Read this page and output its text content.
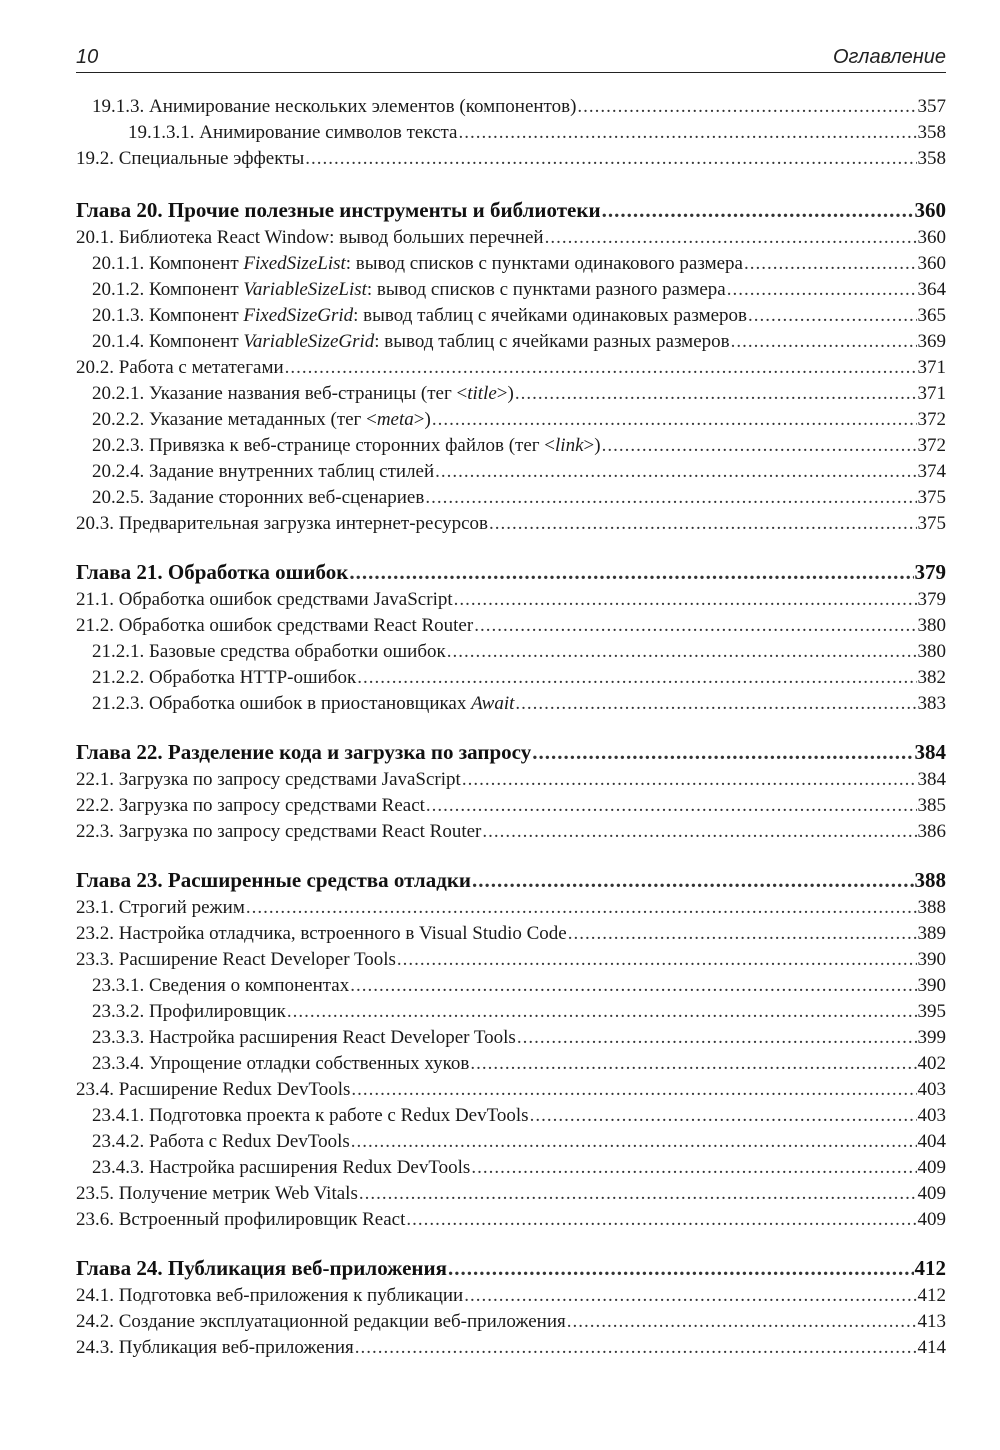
10	Оглавление
19.1.3. Анимирование нескольких элементов (компонентов) .....	357
19.1.3.1. Анимирование символов текста .....	358
19.2. Специальные эффекты .....	358
Глава 20. Прочие полезные инструменты и библиотеки .....	360
20.1. Библиотека React Window: вывод больших перечней .....	360
20.1.1. Компонент FixedSizeList: вывод списков с пунктами одинакового размера .....	360
20.1.2. Компонент VariableSizeList: вывод списков с пунктами разного размера .....	364
20.1.3. Компонент FixedSizeGrid: вывод таблиц с ячейками одинаковых размеров .....	365
20.1.4. Компонент VariableSizeGrid: вывод таблиц с ячейками разных размеров .....	369
20.2. Работа с метатегами .....	371
20.2.1. Указание названия веб-страницы (тег <title>) .....	371
20.2.2. Указание метаданных (тег <meta>) .....	372
20.2.3. Привязка к веб-странице сторонних файлов (тег <link>) .....	372
20.2.4. Задание внутренних таблиц стилей .....	374
20.2.5. Задание сторонних веб-сценариев .....	375
20.3. Предварительная загрузка интернет-ресурсов .....	375
Глава 21. Обработка ошибок .....	379
21.1. Обработка ошибок средствами JavaScript .....	379
21.2. Обработка ошибок средствами React Router .....	380
21.2.1. Базовые средства обработки ошибок .....	380
21.2.2. Обработка HTTP-ошибок .....	382
21.2.3. Обработка ошибок в приостановщиках Await .....	383
Глава 22. Разделение кода и загрузка по запросу .....	384
22.1. Загрузка по запросу средствами JavaScript .....	384
22.2. Загрузка по запросу средствами React .....	385
22.3. Загрузка по запросу средствами React Router .....	386
Глава 23. Расширенные средства отладки .....	388
23.1. Строгий режим .....	388
23.2. Настройка отладчика, встроенного в Visual Studio Code .....	389
23.3. Расширение React Developer Tools .....	390
23.3.1. Сведения о компонентах .....	390
23.3.2. Профилировщик .....	395
23.3.3. Настройка расширения React Developer Tools .....	399
23.3.4. Упрощение отладки собственных хуков .....	402
23.4. Расширение Redux DevTools .....	403
23.4.1. Подготовка проекта к работе с Redux DevTools .....	403
23.4.2. Работа с Redux DevTools .....	404
23.4.3. Настройка расширения Redux DevTools .....	409
23.5. Получение метрик Web Vitals .....	409
23.6. Встроенный профилировщик React .....	409
Глава 24. Публикация веб-приложения .....	412
24.1. Подготовка веб-приложения к публикации .....	412
24.2. Создание эксплуатационной редакции веб-приложения .....	413
24.3. Публикация веб-приложения .....	414
